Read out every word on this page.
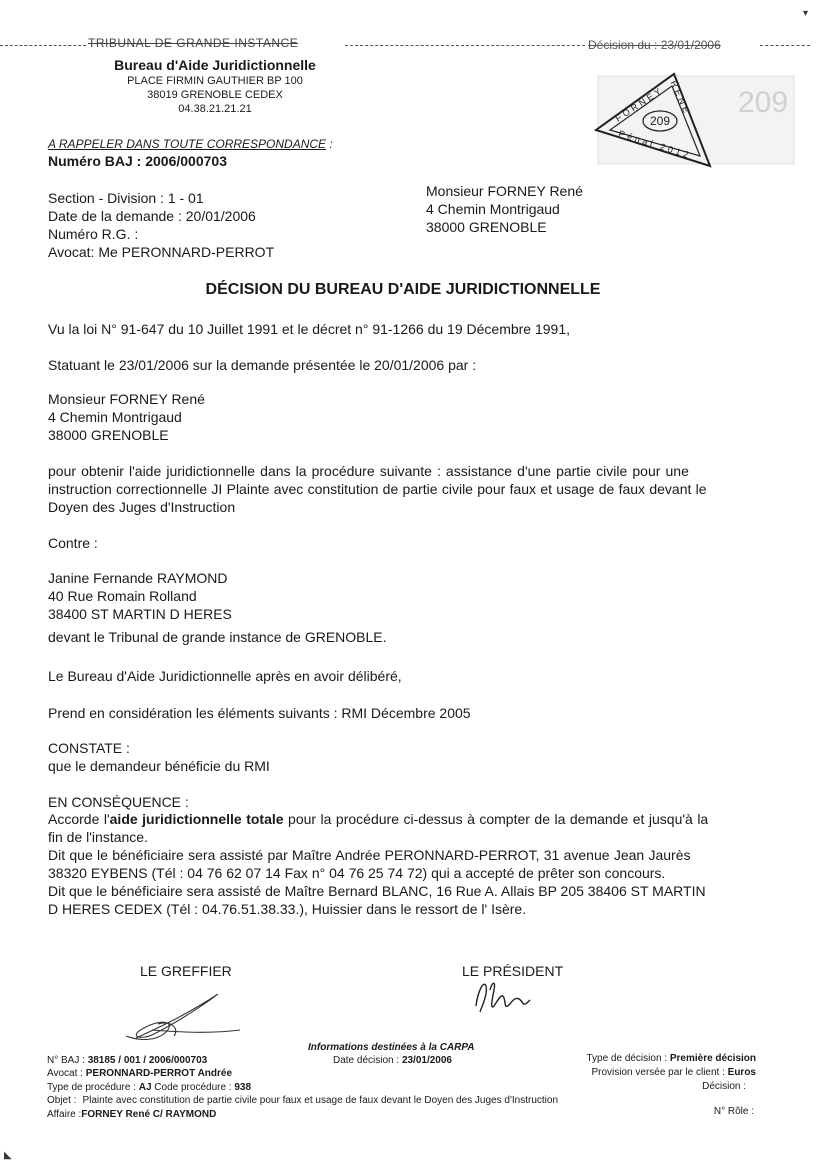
TRIBUNAL DE GRANDE INSTANCE	Décision du : 23/01/2006
Bureau d'Aide Juridictionnelle
PLACE FIRMIN GAUTHIER BP 100
38019 GRENOBLE CEDEX
04.38.21.21.21	209
FORNEY RENE
Pénal 2012
209
A RAPPELER DANS TOUTE CORRESPONDANCE :
Numéro BAJ : 2006/000703
Section - Division : 1 - 01
Date de la demande : 20/01/2006
Numéro R.G. :
Avocat: Me PERONNARD-PERROT
Monsieur FORNEY René
4 Chemin Montrigaud
38000 GRENOBLE
DÉCISION DU BUREAU D'AIDE JURIDICTIONNELLE
Vu la loi N° 91-647 du 10 Juillet 1991 et le décret n° 91-1266 du 19 Décembre 1991,
Statuant le 23/01/2006 sur la demande présentée le 20/01/2006 par :
Monsieur FORNEY René
4 Chemin Montrigaud
38000 GRENOBLE
pour obtenir l'aide juridictionnelle dans la procédure suivante : assistance d'une partie civile pour une
instruction correctionnelle JI Plainte avec constitution de partie civile pour faux et usage de faux devant le
Doyen des Juges d'Instruction
Contre :
Janine Fernande RAYMOND
40 Rue Romain Rolland
38400 ST MARTIN D HERES
devant le Tribunal de grande instance de GRENOBLE.
Le Bureau d'Aide Juridictionnelle après en avoir délibéré,
Prend en considération les éléments suivants : RMI Décembre 2005
CONSTATE :
que le demandeur bénéficie du RMI
EN CONSÉQUENCE :
Accorde l'aide juridictionnelle totale pour la procédure ci-dessus à compter de la demande et jusqu'à la
fin de l'instance.
Dit que le bénéficiaire sera assisté par Maître Andrée PERONNARD-PERROT, 31 avenue Jean Jaurès
38320 EYBENS (Tél : 04 76 62 07 14 Fax n° 04 76 25 74 72) qui a accepté de prêter son concours.
Dit que le bénéficiaire sera assisté de Maître Bernard BLANC, 16 Rue A. Allais BP 205 38406 ST MARTIN
D HERES CEDEX (Tél : 04.76.51.38.33.), Huissier dans le ressort de l' Isère.
LE GREFFIER	LE PRÉSIDENT
Informations destinées à la CARPA
N° BAJ : 38185 / 001 / 2006/000703	Date décision : 23/01/2006	Type de décision : Première décision
Avocat : PERONNARD-PERROT Andrée	Provision versée par le client : Euros
Type de procédure : AJ Code procédure : 938	Décision :
Objet : Plainte avec constitution de partie civile pour faux et usage de faux devant le Doyen des Juges d'Instruction
Affaire :FORNEY René C/ RAYMOND	N° Rôle :
▾
◣
